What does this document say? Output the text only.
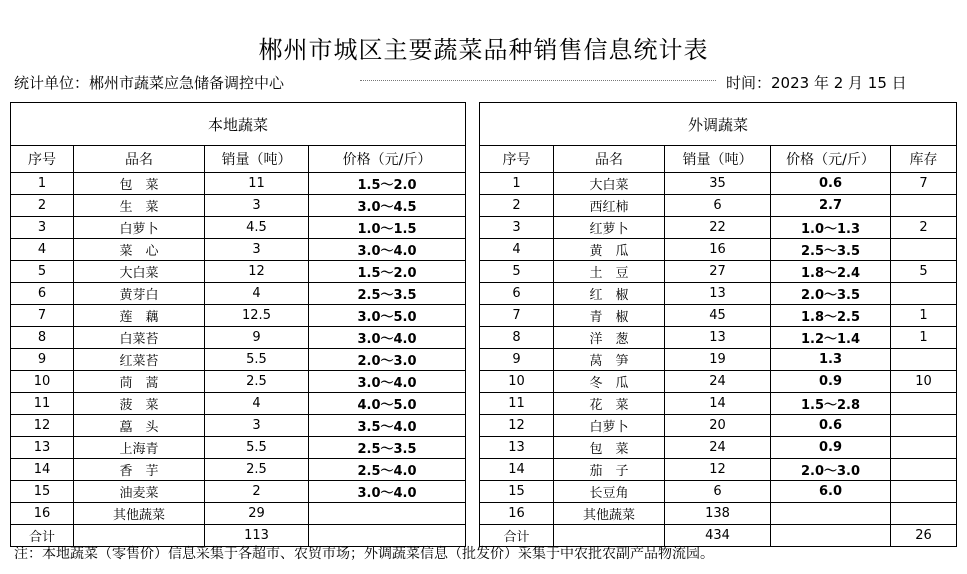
郴州市城区主要蔬菜品种销售信息统计表
统计单位：郴州市蔬菜应急储备调控中心	时间：2023 年 2 月 15 日
本地蔬菜					外调蔬菜				
序号	品名	销量（吨）	价格（元/斤）		序号	品名	销量（吨）	价格（元/斤）	库存
1	包　菜	11	1.5～2.0		1	大白菜	35	0.6	7
2	生　菜	3	3.0～4.5		2	西红柿	6	2.7	
3	白萝卜	4.5	1.0～1.5		3	红萝卜	22	1.0～1.3	2
4	菜　心	3	3.0～4.0		4	黄　瓜	16	2.5～3.5	
5	大白菜	12	1.5～2.0		5	土　豆	27	1.8～2.4	5
6	黄芽白	4	2.5～3.5		6	红　椒	13	2.0～3.5	
7	莲　藕	12.5	3.0～5.0		7	青　椒	45	1.8～2.5	1
8	白菜苔	9	3.0～4.0		8	洋　葱	13	1.2～1.4	1
9	红菜苔	5.5	2.0～3.0		9	莴　笋	19	1.3	
10	茼　蒿	2.5	3.0～4.0		10	冬　瓜	24	0.9	10
11	菠　菜	4	4.0～5.0		11	花　菜	14	1.5～2.8	
12	藠　头	3	3.5～4.0		12	白萝卜	20	0.6	
13	上海青	5.5	2.5～3.5		13	包　菜	24	0.9	
14	香　芋	2.5	2.5～4.0		14	茄　子	12	2.0～3.0	
15	油麦菜	2	3.0～4.0		15	长豆角	6	6.0	
16	其他蔬菜	29			16	其他蔬菜	138		
合计		113			合计		434		26
注：本地蔬菜（零售价）信息采集于各超市、农贸市场；外调蔬菜信息（批发价）采集于中农批农副产品物流园。
